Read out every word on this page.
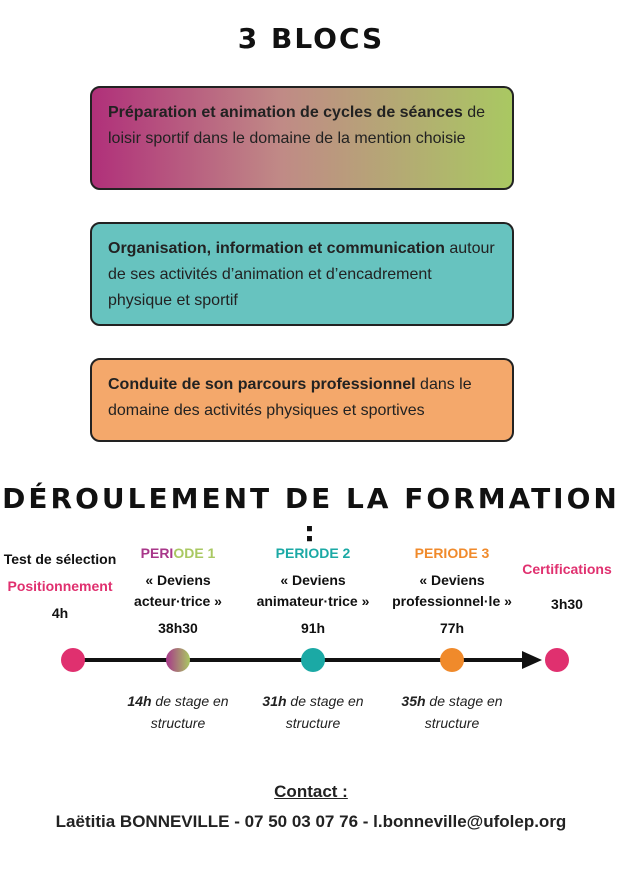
3 BLOCS
Préparation et animation de cycles de séances de loisir sportif dans le domaine de la mention choisie
Organisation, information et communication autour de ses activités d’animation et d’encadrement physique et sportif
Conduite de son parcours professionnel dans le domaine des activités physiques et sportives
DÉROULEMENT DE LA FORMATION :
Test de sélection
Positionnement
4h
PERIODE 1
« Deviens acteur·trice »
38h30
PERIODE 2
« Deviens animateur·trice »
91h
PERIODE 3
« Deviens professionnel·le »
77h
Certifications
3h30
14h de stage en structure
31h de stage en structure
35h de stage en structure
Contact :
Laëtitia BONNEVILLE - 07 50 03 07 76 - l.bonneville@ufolep.org
